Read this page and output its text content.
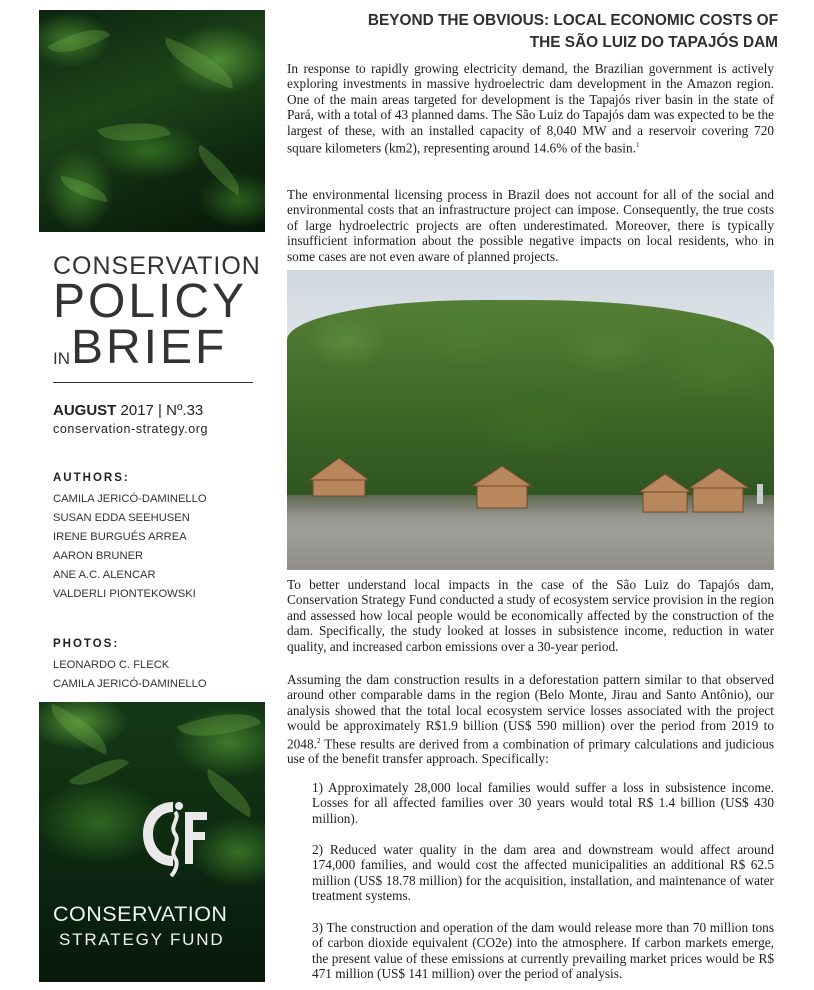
CONSERVATION
POLICY
IN BRIEF
AUGUST 2017 | Nº.33
conservation-strategy.org
AUTHORS:
CAMILA JERICÓ-DAMINELLO
SUSAN EDDA SEEHUSEN
IRENE BURGUÉS ARREA
AARON BRUNER
ANE A.C. ALENCAR
VALDERLI PIONTEKOWSKI
PHOTOS:
LEONARDO C. FLECK
CAMILA JERICÓ-DAMINELLO
CONSERVATION
STRATEGY FUND
BEYOND THE OBVIOUS: LOCAL ECONOMIC COSTS OF
THE SÃO LUIZ DO TAPAJÓS DAM

In response to rapidly growing electricity demand, the Brazilian government is actively exploring investments in massive hydroelectric dam development in the Amazon region. One of the main areas targeted for development is the Tapajós river basin in the state of Pará, with a total of 43 planned dams. The São Luiz do Tapajós dam was expected to be the largest of these, with an installed capacity of 8,040 MW and a reservoir covering 720 square kilometers (km2), representing around 14.6% of the basin.$^1$

The environmental licensing process in Brazil does not account for all of the social and environmental costs that an infrastructure project can impose. Consequently, the true costs of large hydroelectric projects are often underestimated. Moreover, there is typically insufficient information about the possible negative impacts on local residents, who in some cases are not even aware of planned projects.

To better understand local impacts in the case of the São Luiz do Tapajós dam, Conservation Strategy Fund conducted a study of ecosystem service provision in the region and assessed how local people would be economically affected by the construction of the dam. Specifically, the study looked at losses in subsistence income, reduction in water quality, and increased carbon emissions over a 30-year period.

Assuming the dam construction results in a deforestation pattern similar to that observed around other comparable dams in the region (Belo Monte, Jirau and Santo Antônio), our analysis showed that the total local ecosystem service losses associated with the project would be approximately R$1.9 billion (US$ 590 million) over the period from 2019 to 2048.$^2$ These results are derived from a combination of primary calculations and judicious use of the benefit transfer approach. Specifically:

1) Approximately 28,000 local families would suffer a loss in subsistence income. Losses for all affected families over 30 years would total R$ 1.4 billion (US$ 430 million).

2) Reduced water quality in the dam area and downstream would affect around 174,000 families, and would cost the affected municipalities an additional R$ 62.5 million (US$ 18.78 million) for the acquisition, installation, and maintenance of water treatment systems.

3) The construction and operation of the dam would release more than 70 million tons of carbon dioxide equivalent (CO2e) into the atmosphere. If carbon markets emerge, the present value of these emissions at currently prevailing market prices would be R$ 471 million (US$ 141 million) over the period of analysis.
